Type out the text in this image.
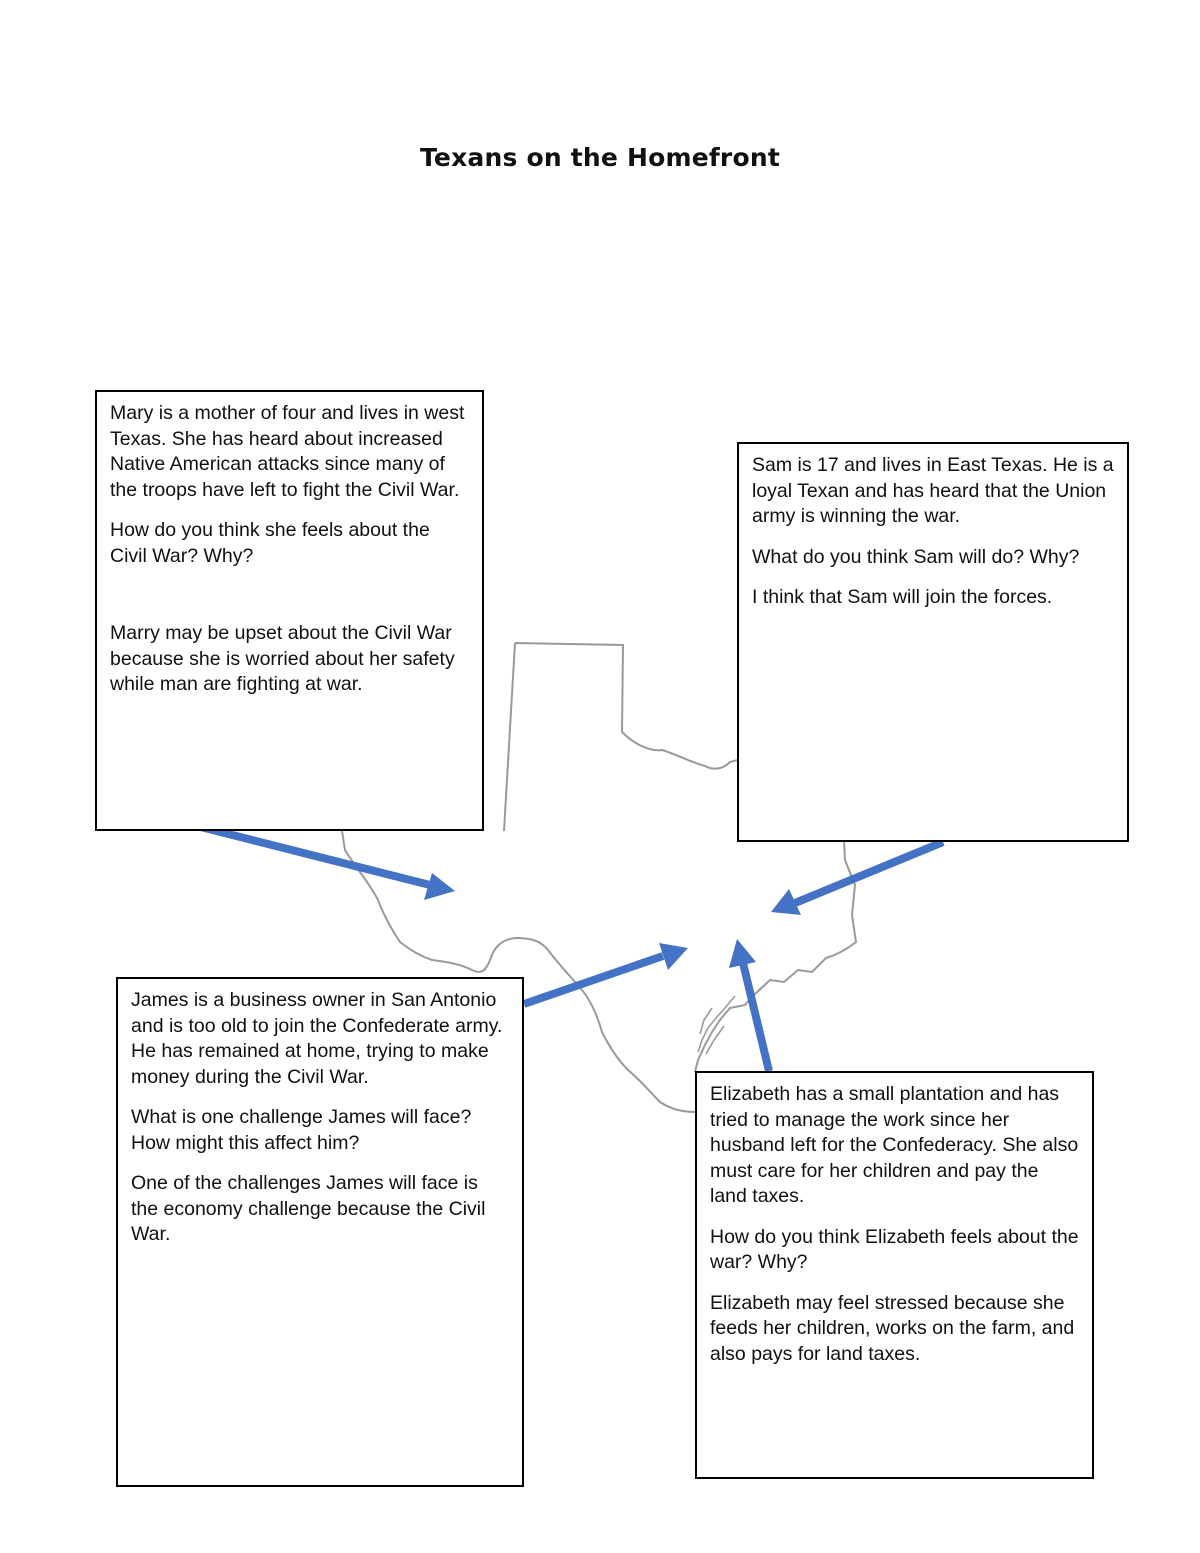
Texans on the Homefront

Mary is a mother of four and lives in west Texas. She has heard about increased Native American attacks since many of the troops have left to fight the Civil War.

How do you think she feels about the Civil War? Why?

Marry may be upset about the Civil War because she is worried about her safety while man are fighting at war.

Sam is 17 and lives in East Texas. He is a loyal Texan and has heard that the Union army is winning the war.

What do you think Sam will do? Why?

I think that Sam will join the forces.

James is a business owner in San Antonio and is too old to join the Confederate army. He has remained at home, trying to make money during the Civil War.

What is one challenge James will face? How might this affect him?

One of the challenges James will face is the economy challenge because the Civil War.

Elizabeth has a small plantation and has tried to manage the work since her husband left for the Confederacy. She also must care for her children and pay the land taxes.

How do you think Elizabeth feels about the war? Why?

Elizabeth may feel stressed because she feeds her children, works on the farm, and also pays for land taxes.
